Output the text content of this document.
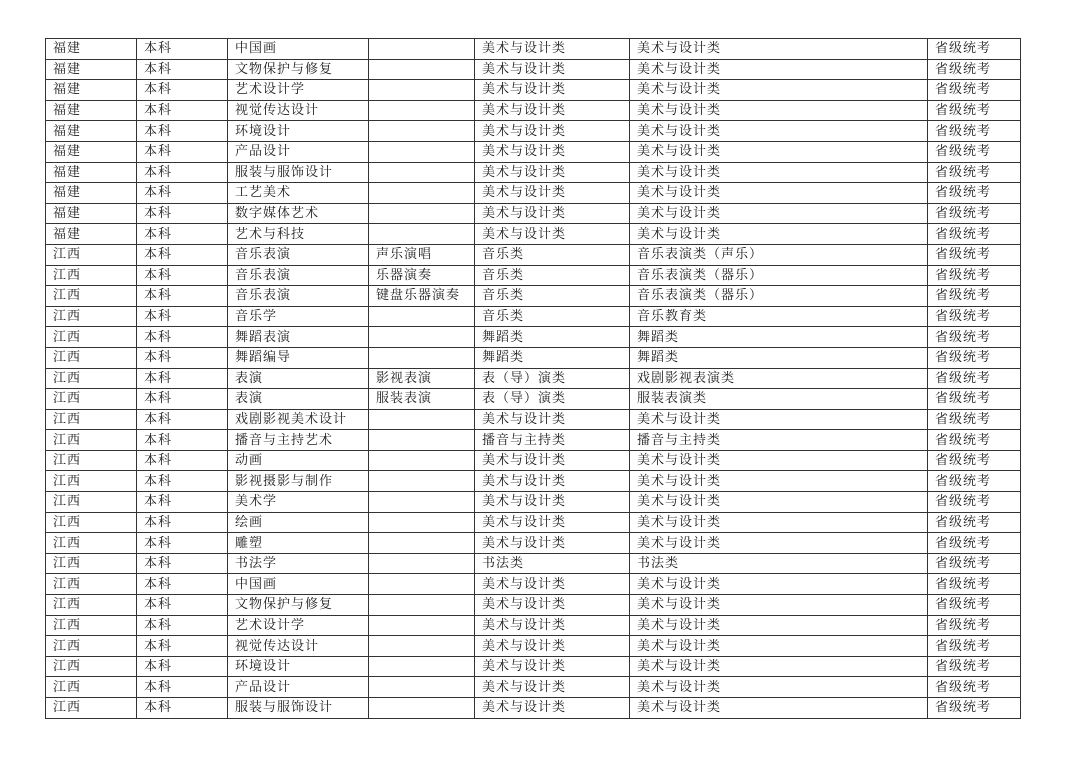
福建	本科	中国画		美术与设计类	美术与设计类	省级统考
福建	本科	文物保护与修复		美术与设计类	美术与设计类	省级统考
福建	本科	艺术设计学		美术与设计类	美术与设计类	省级统考
福建	本科	视觉传达设计		美术与设计类	美术与设计类	省级统考
福建	本科	环境设计		美术与设计类	美术与设计类	省级统考
福建	本科	产品设计		美术与设计类	美术与设计类	省级统考
福建	本科	服装与服饰设计		美术与设计类	美术与设计类	省级统考
福建	本科	工艺美术		美术与设计类	美术与设计类	省级统考
福建	本科	数字媒体艺术		美术与设计类	美术与设计类	省级统考
福建	本科	艺术与科技		美术与设计类	美术与设计类	省级统考
江西	本科	音乐表演	声乐演唱	音乐类	音乐表演类（声乐）	省级统考
江西	本科	音乐表演	乐器演奏	音乐类	音乐表演类（器乐）	省级统考
江西	本科	音乐表演	键盘乐器演奏	音乐类	音乐表演类（器乐）	省级统考
江西	本科	音乐学		音乐类	音乐教育类	省级统考
江西	本科	舞蹈表演		舞蹈类	舞蹈类	省级统考
江西	本科	舞蹈编导		舞蹈类	舞蹈类	省级统考
江西	本科	表演	影视表演	表（导）演类	戏剧影视表演类	省级统考
江西	本科	表演	服装表演	表（导）演类	服装表演类	省级统考
江西	本科	戏剧影视美术设计		美术与设计类	美术与设计类	省级统考
江西	本科	播音与主持艺术		播音与主持类	播音与主持类	省级统考
江西	本科	动画		美术与设计类	美术与设计类	省级统考
江西	本科	影视摄影与制作		美术与设计类	美术与设计类	省级统考
江西	本科	美术学		美术与设计类	美术与设计类	省级统考
江西	本科	绘画		美术与设计类	美术与设计类	省级统考
江西	本科	雕塑		美术与设计类	美术与设计类	省级统考
江西	本科	书法学		书法类	书法类	省级统考
江西	本科	中国画		美术与设计类	美术与设计类	省级统考
江西	本科	文物保护与修复		美术与设计类	美术与设计类	省级统考
江西	本科	艺术设计学		美术与设计类	美术与设计类	省级统考
江西	本科	视觉传达设计		美术与设计类	美术与设计类	省级统考
江西	本科	环境设计		美术与设计类	美术与设计类	省级统考
江西	本科	产品设计		美术与设计类	美术与设计类	省级统考
江西	本科	服装与服饰设计		美术与设计类	美术与设计类	省级统考
